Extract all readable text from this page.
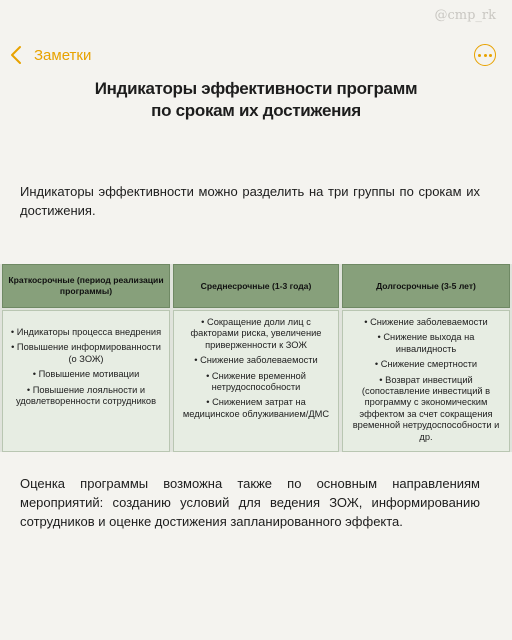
@cmp_rk
Заметки
Индикаторы эффективности программ
по срокам их достижения

Индикаторы эффективности можно разделить на три группы по срокам их достижения.

Краткосрочные (период реализации программы)
• Индикаторы процесса внедрения
• Повышение информированности (о ЗОЖ)
• Повышение мотивации
• Повышение лояльности и удовлетворенности сотрудников
Среднесрочные (1-3 года)
• Сокращение доли лиц с факторами риска, увеличение приверженности к ЗОЖ
• Снижение заболеваемости
• Снижение временной нетрудоспособности
• Снижением затрат на медицинское облуживанием/ДМС
Долгосрочные (3-5 лет)
• Снижение заболеваемости
• Снижение выхода на инвалидность
• Снижение смертности
• Возврат инвестиций (сопоставление инвестиций в программу с экономическим эффектом за счет сокращения временной нетрудоспособности и др.

Оценка программы возможна также по основным направлениям мероприятий: созданию условий для ведения ЗОЖ, информированию сотрудников и оценке достижения запланированного эффекта.
